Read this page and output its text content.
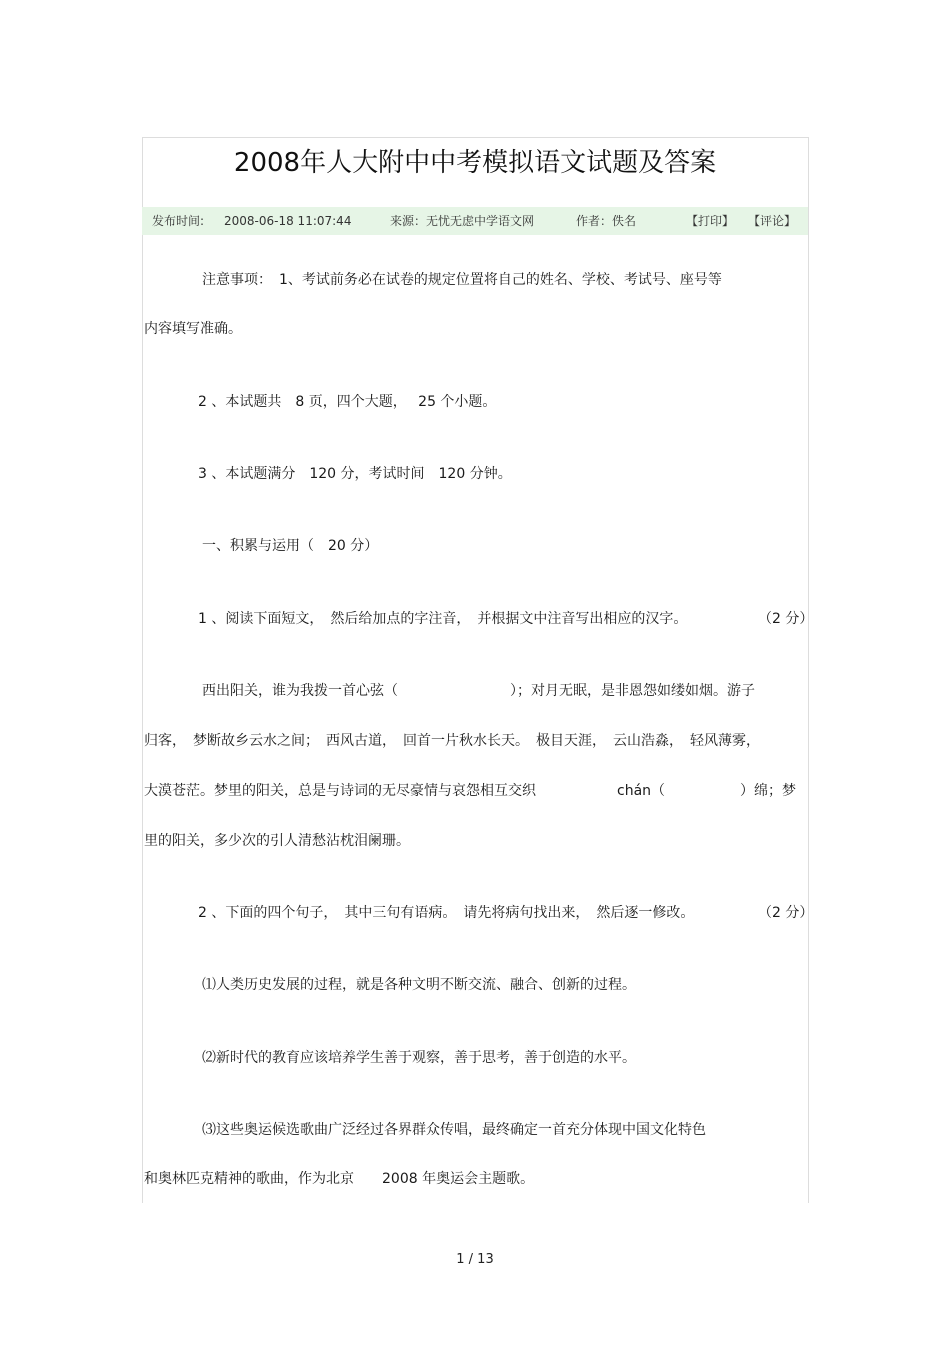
2008年人大附中中考模拟语文试题及答案
发布时间: 2008-06-18 11:07:44	来源：无忧无虑中学语文网	作者：佚名	【打印】 【评论】
注意事项：　1、考试前务必在试卷的规定位置将自己的姓名、学校、考试号、座号等
内容填写准确。
2 、本试题共　8 页，四个大题，　 25 个小题。
3 、本试题满分　120 分，考试时间　120 分钟。
一、积累与运用（　20 分）
1 、阅读下面短文，　然后给加点的字注音，　并根据文中注音写出相应的汉字。	（2 分）
西出阳关，谁为我拨一首心弦（	）；对月无眠，是非恩怨如缕如烟。游子
归客，　梦断故乡云水之间；　西风古道，　回首一片秋水长天。　极目天涯，　云山浩淼，　轻风薄雾，
大漠苍茫。梦里的阳关，总是与诗词的无尽豪情与哀怨相互交织	chán（	）绵；梦
里的阳关，多少次的引人清愁沾枕泪阑珊。
2 、下面的四个句子，　其中三句有语病。　请先将病句找出来，　然后逐一修改。	（2 分）
⑴人类历史发展的过程，就是各种文明不断交流、融合、创新的过程。
⑵新时代的教育应该培养学生善于观察，善于思考，善于创造的水平。
⑶这些奥运候选歌曲广泛经过各界群众传唱，最终确定一首充分体现中国文化特色
和奥林匹克精神的歌曲，作为北京　　2008 年奥运会主题歌。
1 / 13
